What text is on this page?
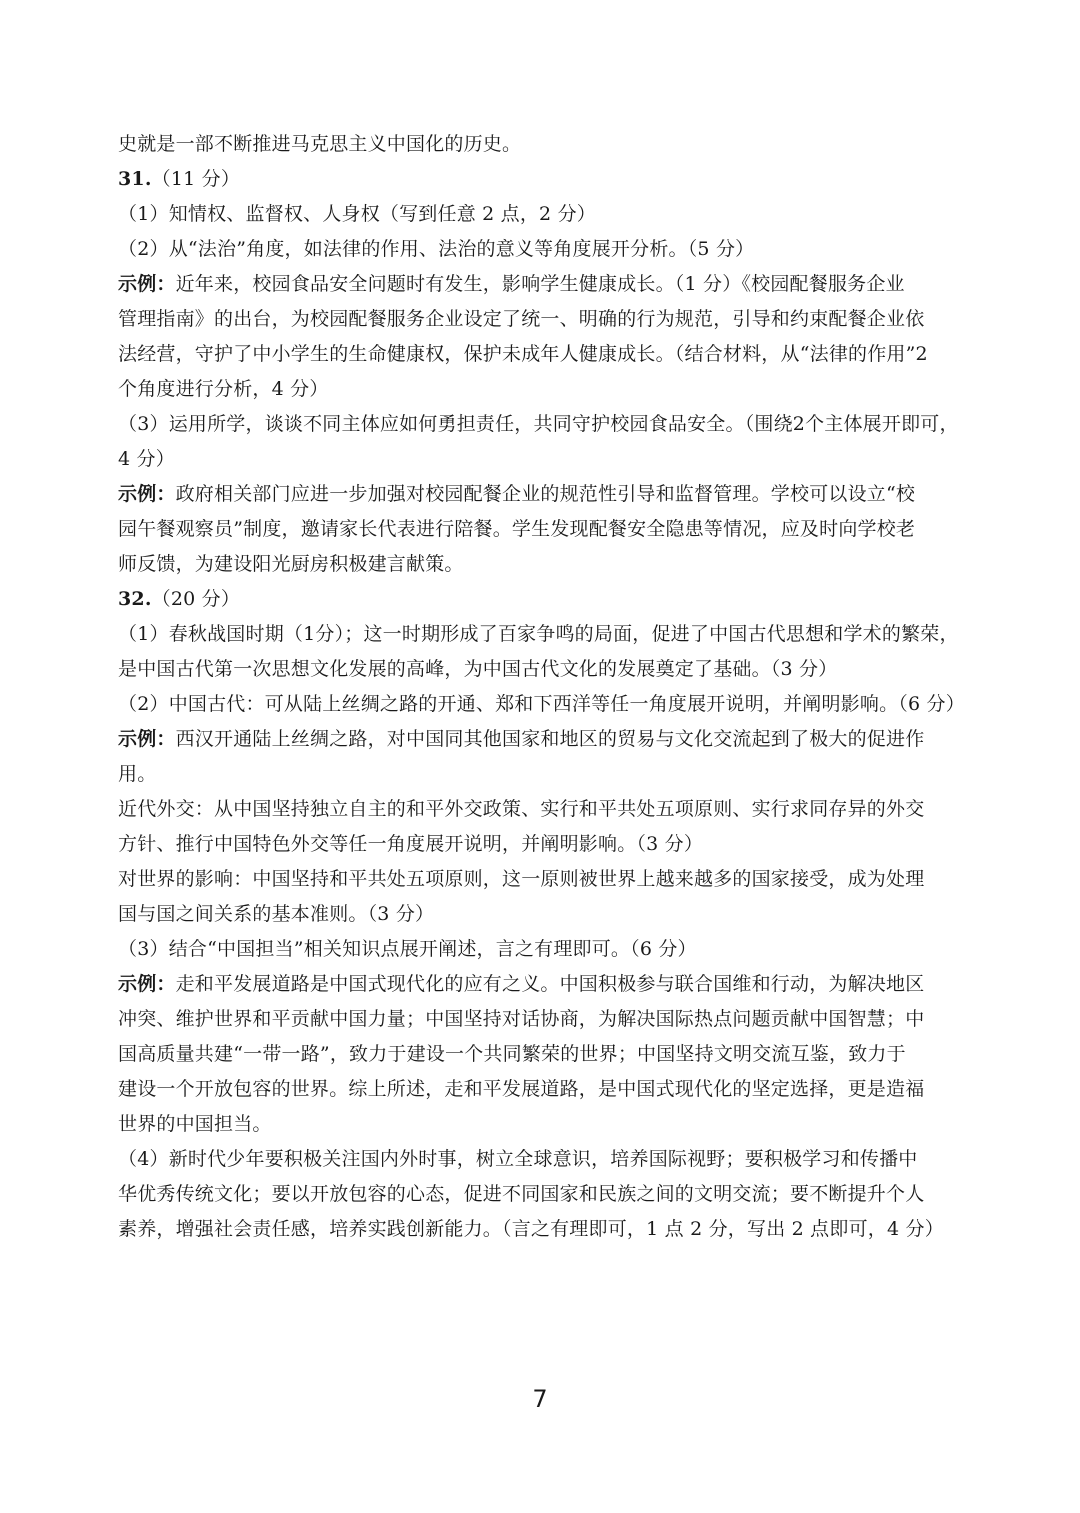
史就是一部不断推进马克思主义中国化的历史。
31.（11 分）
（1）知情权、监督权、人身权（写到任意 2 点，2 分）
（2）从“法治”角度，如法律的作用、法治的意义等角度展开分析。（5 分）
示例：近年来，校园食品安全问题时有发生，影响学生健康成长。（1 分）《校园配餐服务企业
管理指南》的出台，为校园配餐服务企业设定了统一、明确的行为规范，引导和约束配餐企业依
法经营，守护了中小学生的生命健康权，保护未成年人健康成长。（结合材料，从“法律的作用”2
个角度进行分析，4 分）
（3）运用所学，谈谈不同主体应如何勇担责任，共同守护校园食品安全。（围绕2个主体展开即可，
4 分）
示例：政府相关部门应进一步加强对校园配餐企业的规范性引导和监督管理。学校可以设立“校
园午餐观察员”制度，邀请家长代表进行陪餐。学生发现配餐安全隐患等情况，应及时向学校老
师反馈，为建设阳光厨房积极建言献策。
32.（20 分）
（1）春秋战国时期（1分）；这一时期形成了百家争鸣的局面，促进了中国古代思想和学术的繁荣，
是中国古代第一次思想文化发展的高峰，为中国古代文化的发展奠定了基础。（3 分）
（2）中国古代：可从陆上丝绸之路的开通、郑和下西洋等任一角度展开说明，并阐明影响。（6 分）
示例：西汉开通陆上丝绸之路，对中国同其他国家和地区的贸易与文化交流起到了极大的促进作
用。
近代外交：从中国坚持独立自主的和平外交政策、实行和平共处五项原则、实行求同存异的外交
方针、推行中国特色外交等任一角度展开说明，并阐明影响。（3 分）
对世界的影响：中国坚持和平共处五项原则，这一原则被世界上越来越多的国家接受，成为处理
国与国之间关系的基本准则。（3 分）
（3）结合“中国担当”相关知识点展开阐述，言之有理即可。（6 分）
示例：走和平发展道路是中国式现代化的应有之义。中国积极参与联合国维和行动，为解决地区
冲突、维护世界和平贡献中国力量；中国坚持对话协商，为解决国际热点问题贡献中国智慧；中
国高质量共建“一带一路”，致力于建设一个共同繁荣的世界；中国坚持文明交流互鉴，致力于
建设一个开放包容的世界。综上所述，走和平发展道路，是中国式现代化的坚定选择，更是造福
世界的中国担当。
（4）新时代少年要积极关注国内外时事，树立全球意识，培养国际视野；要积极学习和传播中
华优秀传统文化；要以开放包容的心态，促进不同国家和民族之间的文明交流；要不断提升个人
素养，增强社会责任感，培养实践创新能力。（言之有理即可，1 点 2 分，写出 2 点即可，4 分）
7
